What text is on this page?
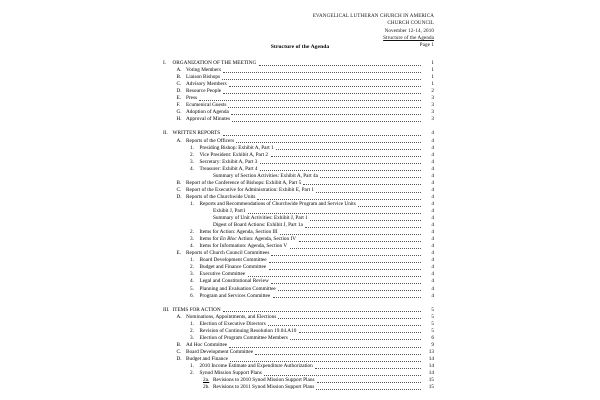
EVANGELICAL LUTHERAN CHURCH IN AMERICA
CHURCH COUNCIL
November 12-14, 2010
Structure of the Agenda
Page 1
Structure of the Agenda
I. ORGANIZATION OF THE MEETING	1
A. Voting Members	1
B. Liaison Bishops	1
C. Advisory Members	1
D. Resource People	2
E. Press	3
F. Ecumenical Guests	3
G. Adoption of Agenda	3
H. Approval of Minutes	3
II. WRITTEN REPORTS	4
A. Reports of the Officers	4
1. Presiding Bishop: Exhibit A, Part 1	4
2. Vice President: Exhibit A, Part 2	4
3. Secretary: Exhibit A, Part 3	4
4. Treasurer: Exhibit A, Part 4	4
Summary of Section Activities: Exhibit A, Part 4a	4
B. Report of the Conference of Bishops: Exhibit A, Part 5	4
C. Report of the Executive for Administration: Exhibit E, Part 1	4
D. Reports of the Churchwide Units	4
1. Reports and Recommendations of Churchwide Program and Service Units	4
Exhibit J, Part1	4
Summary of Unit Activities: Exhibit J, Part 1	4
Digest of Board Actions: Exhibit J, Part 1a	4
2. Items for Action: Agenda, Section III	4
3. Items for En Bloc Action: Agenda, Section IV	4
4. Items for Information: Agenda, Section V	4
E. Reports of Church Council Committees	4
1. Board Development Committee	4
2. Budget and Finance Committee	4
3. Executive Committee	4
4. Legal and Constitutional Review	4
5. Planning and Evaluation Committee	4
6. Program and Services Committee	4
III. ITEMS FOR ACTION	5
A. Nominations, Appointments, and Elections	5
1. Election of Executive Directors	5
2. Revision of Continuing Resolution 19.04.A10	5
3. Election of Program Committee Members	6
B. Ad Hoc Committee	9
C. Board Development Committee	13
D. Budget and Finance	14
1. 2010 Income Estimate and Expenditure Authorization	14
2. Synod Mission Support Plans	14
2a. Revisions to 2010 Synod Mission Support Plans	15
2b. Revisions to 2011 Synod Mission Support Plans	15
